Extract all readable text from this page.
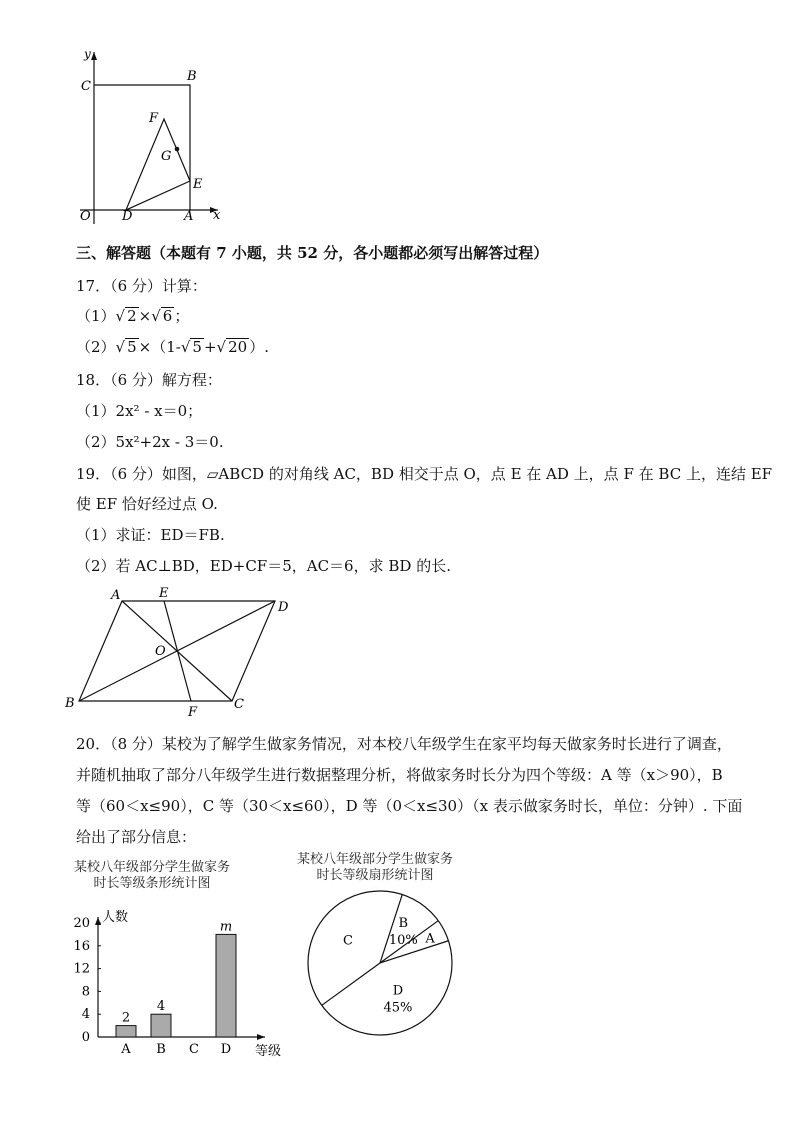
y
x
O
C
B
F
G
E
D	A
三、解答题（本题有 7 小题，共 52 分，各小题都必须写出解答过程）
17．（6 分）计算：
（1）√ 2 ×√ 6 ；
（2）√ 5 ×（1-√ 5 +√ 20 ）.
18．（6 分）解方程：
（1）2x² - x＝0；
（2）5x²+2x - 3＝0.
19．（6 分）如图，▱ABCD 的对角线 AC，BD 相交于点 O，点 E 在 AD 上，点 F 在 BC 上，连结 EF
使 EF 恰好经过点 O.
（1）求证：ED＝FB.
（2）若 AC⊥BD，ED+CF＝5，AC＝6，求 BD 的长.
A	E
D
O
B
F
C
20．（8 分）某校为了解学生做家务情况，对本校八年级学生在家平均每天做家务时长进行了调查，
并随机抽取了部分八年级学生进行数据整理分析，将做家务时长分为四个等级：A 等（x＞90），B
等（60＜x≤90），C 等（30＜x≤60），D 等（0＜x≤30）（x 表示做家务时长，单位：分钟）. 下面
给出了部分信息：
某校八年级部分学生做家务
时长等级条形统计图
人数
等级
0
4
8
12
16
20
A
2
B
4
C D
m
某校八年级部分学生做家务
时长等级扇形统计图
B
10% A
D
45%
C
